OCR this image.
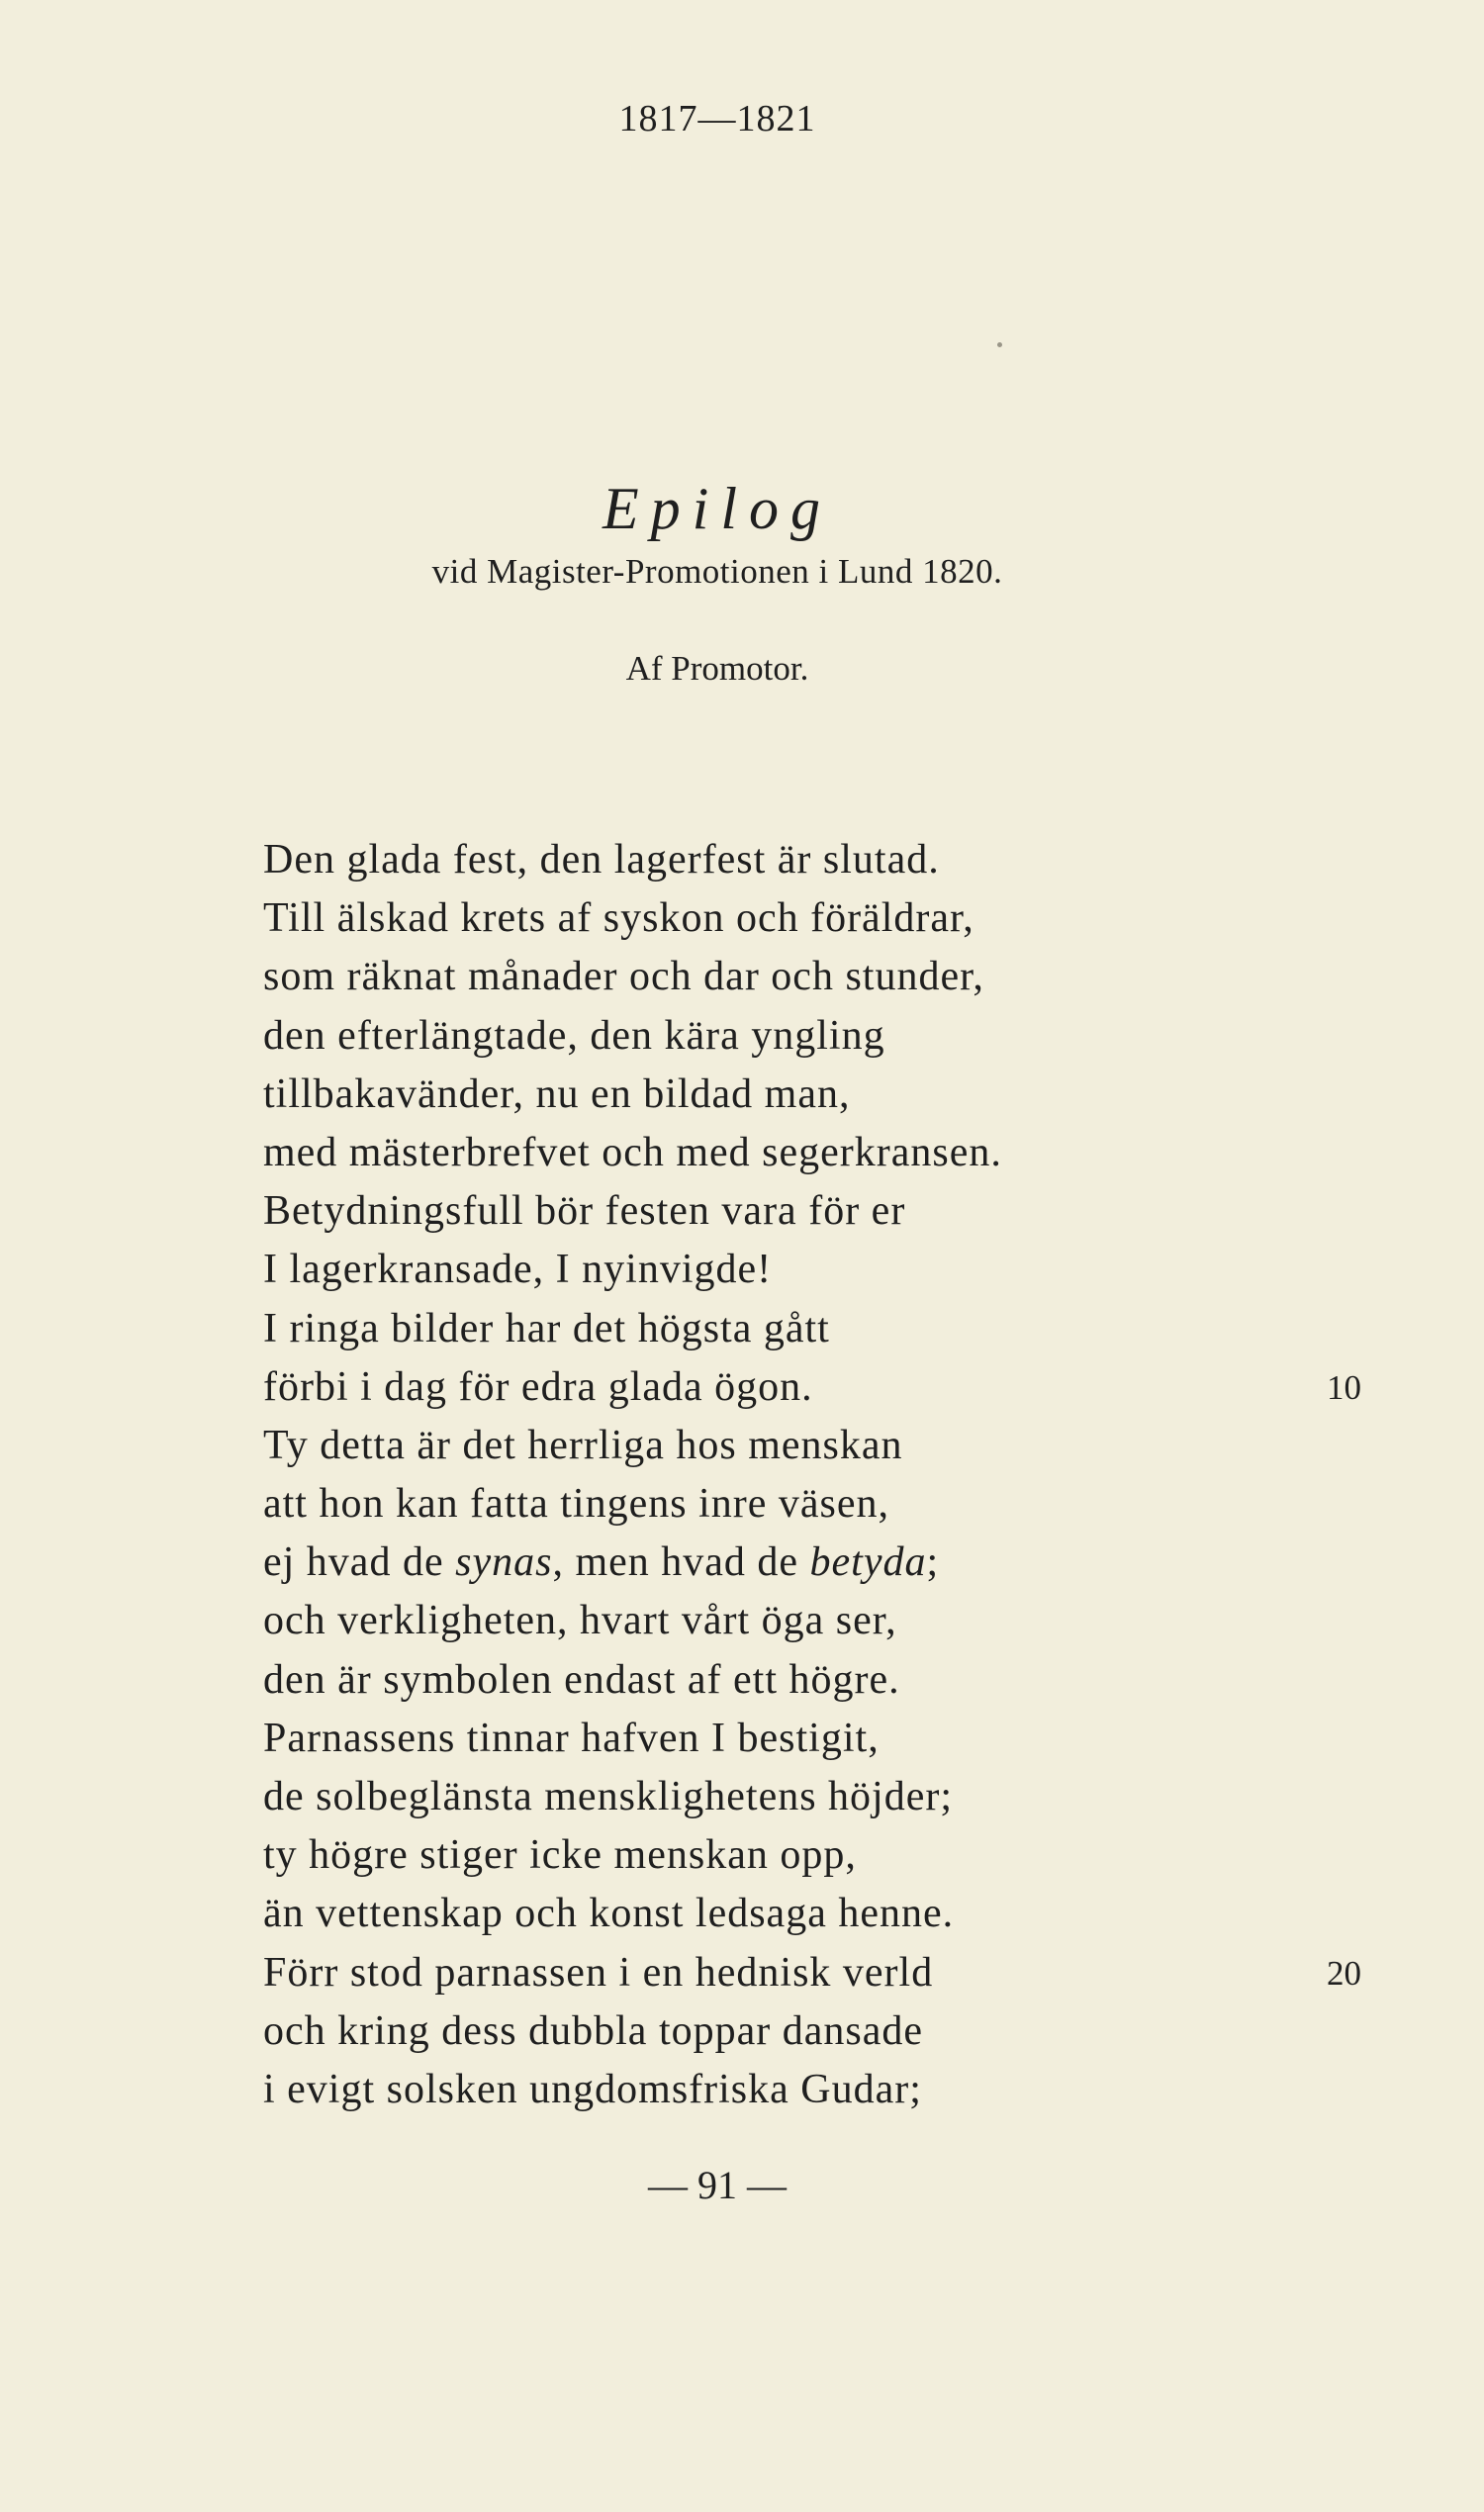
1817—1821
Epilog
vid Magister-Promotionen i Lund 1820.
Af Promotor.
Den glada fest, den lagerfest är slutad.
Till älskad krets af syskon och föräldrar,
som räknat månader och dar och stunder,
den efterlängtade, den kära yngling
tillbakavänder, nu en bildad man,
med mästerbrefvet och med segerkransen.
Betydningsfull bör festen vara för er
I lagerkransade, I nyinvigde!
I ringa bilder har det högsta gått
förbi i dag för edra glada ögon.	10
Ty detta är det herrliga hos menskan
att hon kan fatta tingens inre väsen,
ej hvad de synas, men hvad de betyda;
och verkligheten, hvart vårt öga ser,
den är symbolen endast af ett högre.
Parnassens tinnar hafven I bestigit,
de solbeglänsta mensklighetens höjder;
ty högre stiger icke menskan opp,
än vettenskap och konst ledsaga henne.
Förr stod parnassen i en hednisk verld	20
och kring dess dubbla toppar dansade
i evigt solsken ungdomsfriska Gudar;
— 91 —
